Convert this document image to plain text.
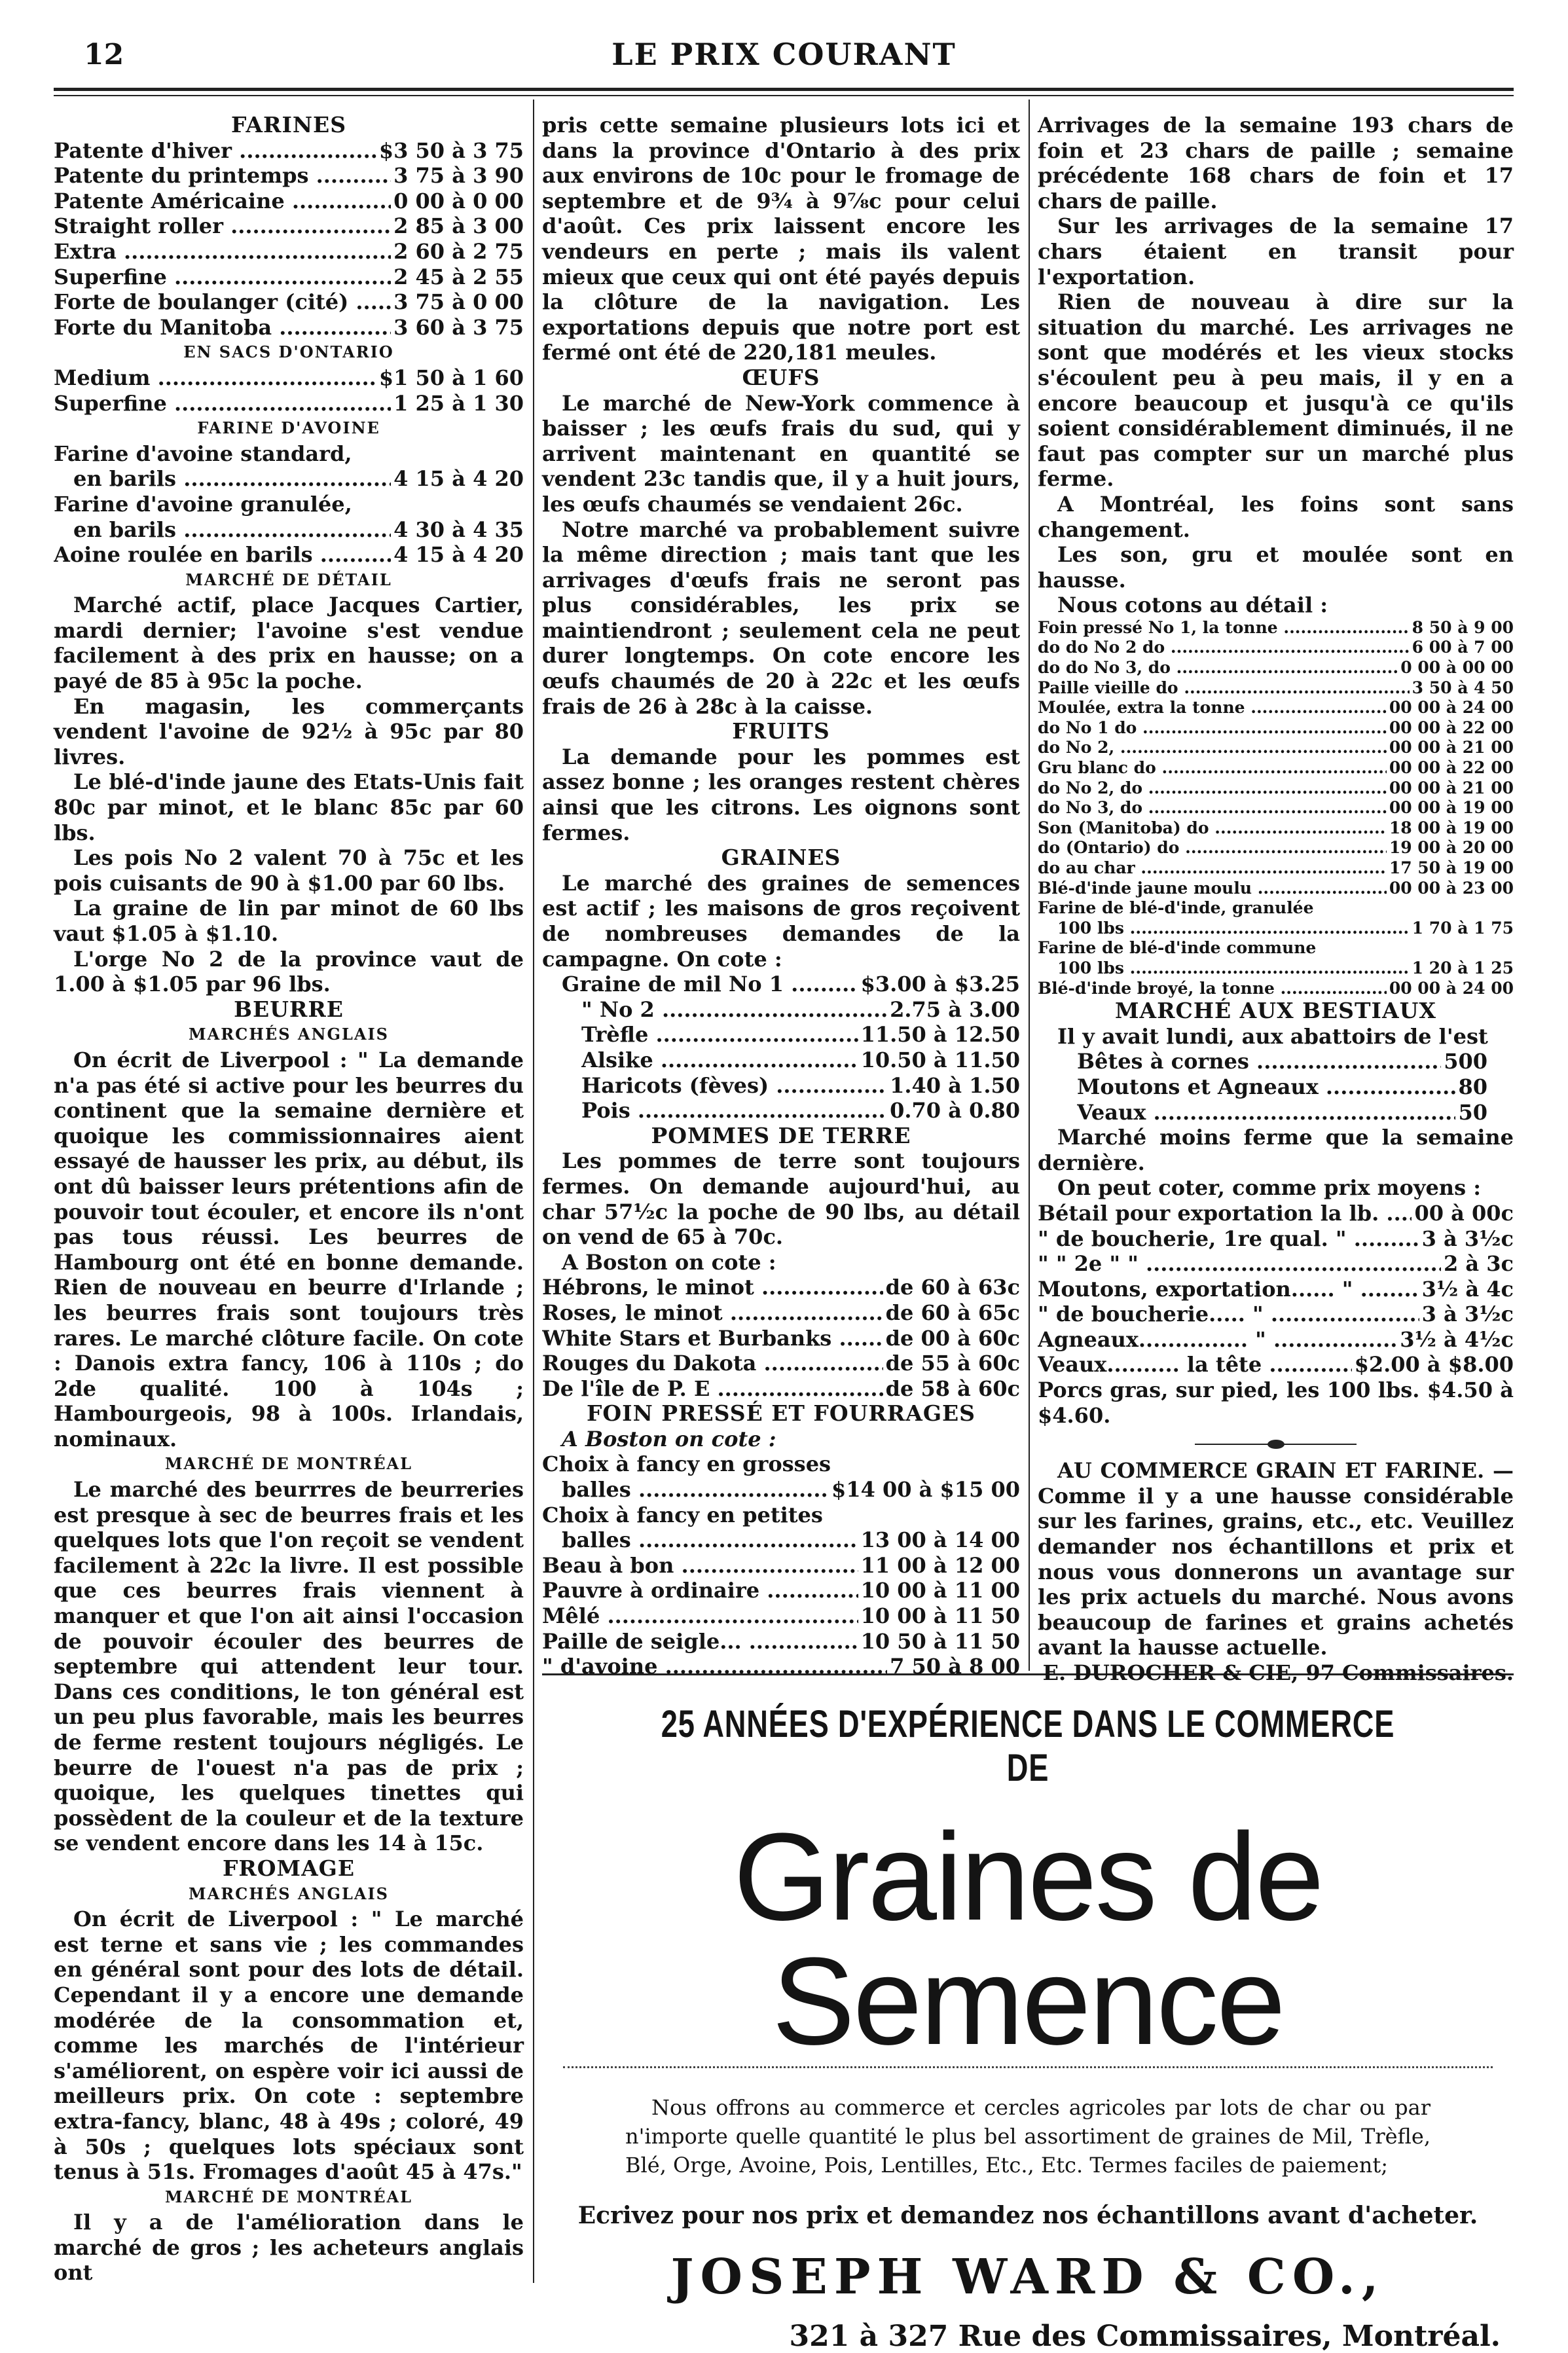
12	LE PRIX COURANT
FARINES
Patente d'hiver .....	$3 50 à 3 75
Patente du printemps .....	3 75 à 3 90
Patente Américaine .....	0 00 à 0 00
Straight roller .....	2 85 à 3 00
Extra .....	2 60 à 2 75
Superfine .....	2 45 à 2 55
Forte de boulanger (cité) .....	3 75 à 0 00
Forte du Manitoba .....	3 60 à 3 75
EN SACS D'ONTARIO
Medium .....	$1 50 à 1 60
Superfine .....	1 25 à 1 30
FARINE D'AVOINE
Farine d'avoine standard,
en barils .....	4 15 à 4 20
Farine d'avoine granulée,
en barils .....	4 30 à 4 35
Aoine roulée en barils .....	4 15 à 4 20
MARCHÉ DE DÉTAIL
Marché actif, place Jacques Cartier, mardi dernier; l'avoine s'est vendue facilement à des prix en hausse; on a payé de 85 à 95c la poche.
En magasin, les commerçants vendent l'avoine de 92½ à 95c par 80 livres.
Le blé-d'inde jaune des Etats-Unis fait 80c par minot, et le blanc 85c par 60 lbs.
Les pois No 2 valent 70 à 75c et les pois cuisants de 90 à $1.00 par 60 lbs.
La graine de lin par minot de 60 lbs vaut $1.05 à $1.10.
L'orge No 2 de la province vaut de 1.00 à $1.05 par 96 lbs.
BEURRE
MARCHÉS ANGLAIS
On écrit de Liverpool : " La demande n'a pas été si active pour les beurres du continent que la semaine dernière et quoique les commissionnaires aient essayé de hausser les prix, au début, ils ont dû baisser leurs prétentions afin de pouvoir tout écouler, et encore ils n'ont pas tous réussi. Les beurres de Hambourg ont été en bonne demande. Rien de nouveau en beurre d'Irlande ; les beurres frais sont toujours très rares. Le marché clôture facile. On cote : Danois extra fancy, 106 à 110s ; do 2de qualité. 100 à 104s ; Hambourgeois, 98 à 100s. Irlandais, nominaux.
MARCHÉ DE MONTRÉAL
Le marché des beurrres de beurreries est presque à sec de beurres frais et les quelques lots que l'on reçoit se vendent facilement à 22c la livre. Il est possible que ces beurres frais viennent à manquer et que l'on ait ainsi l'occasion de pouvoir écouler des beurres de septembre qui attendent leur tour. Dans ces conditions, le ton général est un peu plus favorable, mais les beurres de ferme restent toujours négligés. Le beurre de l'ouest n'a pas de prix ; quoique, les quelques tinettes qui possèdent de la couleur et de la texture se vendent encore dans les 14 à 15c.
FROMAGE
MARCHÉS ANGLAIS
On écrit de Liverpool : " Le marché est terne et sans vie ; les commandes en général sont pour des lots de détail. Cependant il y a encore une demande modérée de la consommation et, comme les marchés de l'intérieur s'améliorent, on espère voir ici aussi de meilleurs prix. On cote : septembre extra-fancy, blanc, 48 à 49s ; coloré, 49 à 50s ; quelques lots spéciaux sont tenus à 51s. Fromages d'août 45 à 47s."
MARCHÉ DE MONTRÉAL
Il y a de l'amélioration dans le marché de gros ; les acheteurs anglais ont
pris cette semaine plusieurs lots ici et dans la province d'Ontario à des prix aux environs de 10c pour le fromage de septembre et de 9¾ à 9⅞c pour celui d'août. Ces prix laissent encore les vendeurs en perte ; mais ils valent mieux que ceux qui ont été payés depuis la clôture de la navigation. Les exportations depuis que notre port est fermé ont été de 220,181 meules.
ŒUFS
Le marché de New-York commence à baisser ; les œufs frais du sud, qui y arrivent maintenant en quantité se vendent 23c tandis que, il y a huit jours, les œufs chaumés se vendaient 26c.
Notre marché va probablement suivre la même direction ; mais tant que les arrivages d'œufs frais ne seront pas plus considérables, les prix se maintiendront ; seulement cela ne peut durer longtemps. On cote encore les œufs chaumés de 20 à 22c et les œufs frais de 26 à 28c à la caisse.
FRUITS
La demande pour les pommes est assez bonne ; les oranges restent chères ainsi que les citrons. Les oignons sont fermes.
GRAINES
Le marché des graines de semences est actif ; les maisons de gros reçoivent de nombreuses demandes de la campagne. On cote :
Graine de mil No 1 .....	$3.00 à $3.25
" No 2 .....	2.75 à 3.00
Trèfle .....	11.50 à 12.50
Alsike .....	10.50 à 11.50
Haricots (fèves) .....	1.40 à 1.50
Pois .....	0.70 à 0.80
POMMES DE TERRE
Les pommes de terre sont toujours fermes. On demande aujourd'hui, au char 57½c la poche de 90 lbs, au détail on vend de 65 à 70c.
A Boston on cote :
Hébrons, le minot .....	de 60 à 63c
Roses, le minot .....	de 60 à 65c
White Stars et Burbanks .....	de 00 à 60c
Rouges du Dakota .....	de 55 à 60c
De l'île de P. E .....	de 58 à 60c
FOIN PRESSÉ ET FOURRAGES
A Boston on cote :
Choix à fancy en grosses
balles .....	$14 00 à $15 00
Choix à fancy en petites
balles .....	13 00 à 14 00
Beau à bon .....	11 00 à 12 00
Pauvre à ordinaire .....	10 00 à 11 00
Mêlé .....	10 00 à 11 50
Paille de seigle... .....	10 50 à 11 50
" d'avoine .....	7 50 à 8 00
Arrivages de la semaine 193 chars de foin et 23 chars de paille ; semaine précédente 168 chars de foin et 17 chars de paille.
Sur les arrivages de la semaine 17 chars étaient en transit pour l'exportation.
Rien de nouveau à dire sur la situation du marché. Les arrivages ne sont que modérés et les vieux stocks s'écoulent peu à peu mais, il y en a encore beaucoup et jusqu'à ce qu'ils soient considérablement diminués, il ne faut pas compter sur un marché plus ferme.
A Montréal, les foins sont sans changement.
Les son, gru et moulée sont en hausse.
Nous cotons au détail :
Foin pressé No 1, la tonne .....	8 50 à 9 00
do do No 2 do .....	6 00 à 7 00
do do No 3, do .....	0 00 à 00 00
Paille vieille do .....	3 50 à 4 50
Moulée, extra la tonne .....	00 00 à 24 00
do No 1 do .....	00 00 à 22 00
do No 2, .....	00 00 à 21 00
Gru blanc do .....	00 00 à 22 00
do No 2, do .....	00 00 à 21 00
do No 3, do .....	00 00 à 19 00
Son (Manitoba) do .....	18 00 à 19 00
do (Ontario) do .....	19 00 à 20 00
do au char .....	17 50 à 19 00
Blé-d'inde jaune moulu .....	00 00 à 23 00
Farine de blé-d'inde, granulée
100 lbs .....	1 70 à 1 75
Farine de blé-d'inde commune
100 lbs .....	1 20 à 1 25
Blé-d'inde broyé, la tonne .....	00 00 à 24 00
MARCHÉ AUX BESTIAUX
Il y avait lundi, aux abattoirs de l'est
Bêtes à cornes .....	500
Moutons et Agneaux .....	80
Veaux .....	50
Marché moins ferme que la semaine dernière.
On peut coter, comme prix moyens :
Bétail pour exportation la lb. .....	00 à 00c
" de boucherie, 1re qual. " .....	3 à 3½c
" " 2e " " .....	2 à 3c
Moutons, exportation...... " .....	3½ à 4c
" de boucherie..... " .....	3 à 3½c
Agneaux............... " .....	3½ à 4½c
Veaux.......... la tête .....	$2.00 à $8.00
Porcs gras, sur pied, les 100 lbs. $4.50 à $4.60.
AU COMMERCE GRAIN ET FARINE. — Comme il y a une hausse considérable sur les farines, grains, etc., etc. Veuillez demander nos échantillons et prix et nous vous donnerons un avantage sur les prix actuels du marché. Nous avons beaucoup de farines et grains achetés avant la hausse actuelle.
E. DUROCHER & CIE, 97 Commissaires.
25 ANNÉES D'EXPÉRIENCE DANS LE COMMERCE DE
Graines de Semence
Nous offrons au commerce et cercles agricoles par lots de char ou par n'importe quelle quantité le plus bel assortiment de graines de Mil, Trèfle, Blé, Orge, Avoine, Pois, Lentilles, Etc., Etc. Termes faciles de paiement;
Ecrivez pour nos prix et demandez nos échantillons avant d'acheter.
JOSEPH WARD & CO.,
321 à 327 Rue des Commissaires, Montréal.
